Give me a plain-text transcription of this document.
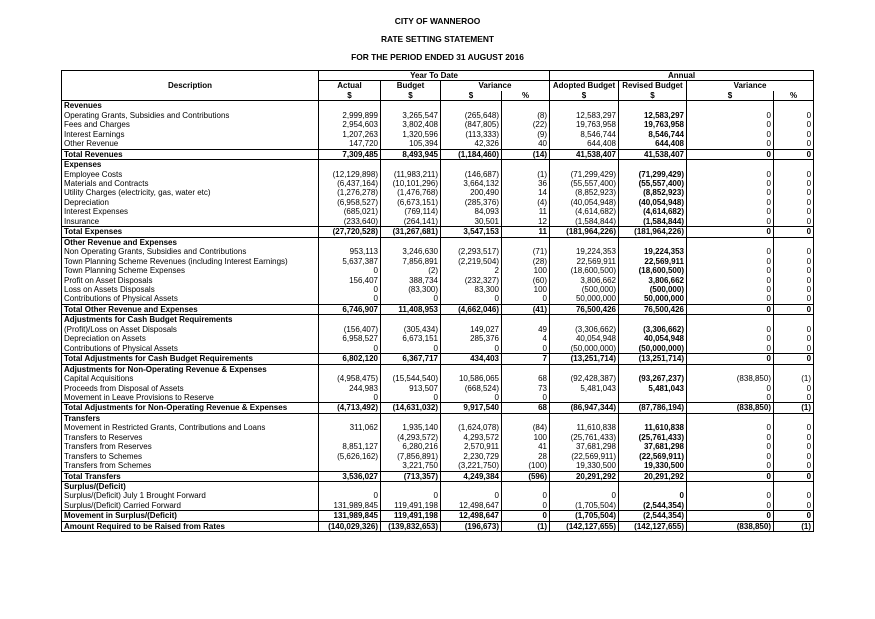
CITY OF WANNEROO
RATE SETTING STATEMENT
FOR THE PERIOD ENDED 31 AUGUST 2016
	Year To Date				Annual			
					Adopted Budget	Revised Budget		
Description	Actual	Budget	Variance				Variance	
	$	$	$	%	$	$	$	%
Revenues								
Operating Grants, Subsidies and Contributions	2,999,899	3,265,547	(265,648)	(8)	12,583,297	12,583,297	0	0
Fees and Charges	2,954,603	3,802,408	(847,805)	(22)	19,763,958	19,763,958	0	0
Interest Earnings	1,207,263	1,320,596	(113,333)	(9)	8,546,744	8,546,744	0	0
Other Revenue	147,720	105,394	42,326	40	644,408	644,408	0	0
Total Revenues	7,309,485	8,493,945	(1,184,460)	(14)	41,538,407	41,538,407	0	0
Expenses								
Employee Costs	(12,129,898)	(11,983,211)	(146,687)	(1)	(71,299,429)	(71,299,429)	0	0
Materials and Contracts	(6,437,164)	(10,101,296)	3,664,132	36	(55,557,400)	(55,557,400)	0	0
Utility Charges (electricity, gas, water etc)	(1,276,278)	(1,476,768)	200,490	14	(8,852,923)	(8,852,923)	0	0
Depreciation	(6,958,527)	(6,673,151)	(285,376)	(4)	(40,054,948)	(40,054,948)	0	0
Interest Expenses	(685,021)	(769,114)	84,093	11	(4,614,682)	(4,614,682)	0	0
Insurance	(233,640)	(264,141)	30,501	12	(1,584,844)	(1,584,844)	0	0
Total Expenses	(27,720,528)	(31,267,681)	3,547,153	11	(181,964,226)	(181,964,226)	0	0
Other Revenue and Expenses								
Non Operating Grants, Subsidies and Contributions	953,113	3,246,630	(2,293,517)	(71)	19,224,353	19,224,353	0	0
Town Planning Scheme Revenues (including Interest Earnings)	5,637,387	7,856,891	(2,219,504)	(28)	22,569,911	22,569,911	0	0
Town Planning Scheme Expenses	0	(2)	2	100	(18,600,500)	(18,600,500)	0	0
Profit on Asset Disposals	156,407	388,734	(232,327)	(60)	3,806,662	3,806,662	0	0
Loss on Assets Disposals	0	(83,300)	83,300	100	(500,000)	(500,000)	0	0
Contributions of Physical Assets	0	0	0	0	50,000,000	50,000,000	0	0
Total Other Revenue and Expenses	6,746,907	11,408,953	(4,662,046)	(41)	76,500,426	76,500,426	0	0
Adjustments for Cash Budget Requirements								
(Profit)/Loss on Asset Disposals	(156,407)	(305,434)	149,027	49	(3,306,662)	(3,306,662)	0	0
Depreciation on Assets	6,958,527	6,673,151	285,376	4	40,054,948	40,054,948	0	0
Contributions of Physical Assets	0	0	0	0	(50,000,000)	(50,000,000)	0	0
Total Adjustments for Cash Budget Requirements	6,802,120	6,367,717	434,403	7	(13,251,714)	(13,251,714)	0	0
Adjustments for Non-Operating Revenue & Expenses								
Capital Acquisitions	(4,958,475)	(15,544,540)	10,586,065	68	(92,428,387)	(93,267,237)	(838,850)	(1)
Proceeds from Disposal of Assets	244,983	913,507	(668,524)	73	5,481,043	5,481,043	0	0
Movement in Leave Provisions to Reserve	0	0	0	0			0	0
Total Adjustments for Non-Operating Revenue & Expenses	(4,713,492)	(14,631,032)	9,917,540	68	(86,947,344)	(87,786,194)	(838,850)	(1)
Transfers								
Movement in Restricted Grants, Contributions and Loans	311,062	1,935,140	(1,624,078)	(84)	11,610,838	11,610,838	0	0
Transfers to Reserves		(4,293,572)	4,293,572	100	(25,761,433)	(25,761,433)	0	0
Transfers from Reserves	8,851,127	6,280,216	2,570,911	41	37,681,298	37,681,298	0	0
Transfers to Schemes	(5,626,162)	(7,856,891)	2,230,729	28	(22,569,911)	(22,569,911)	0	0
Transfers from Schemes		3,221,750	(3,221,750)	(100)	19,330,500	19,330,500	0	0
Total Transfers	3,536,027	(713,357)	4,249,384	(596)	20,291,292	20,291,292	0	0
Surplus/(Deficit)								
Surplus/(Deficit) July 1 Brought Forward	0	0	0	0	0	0	0	0
Surplus/(Deficit) Carried Forward	131,989,845	119,491,198	12,498,647	0	(1,705,504)	(2,544,354)	0	0
Movement in Surplus/(Deficit)	131,989,845	119,491,198	12,498,647	0	(1,705,504)	(2,544,354)	0	0
Amount Required to be Raised from Rates	(140,029,326)	(139,832,653)	(196,673)	(1)	(142,127,655)	(142,127,655)	(838,850)	(1)
